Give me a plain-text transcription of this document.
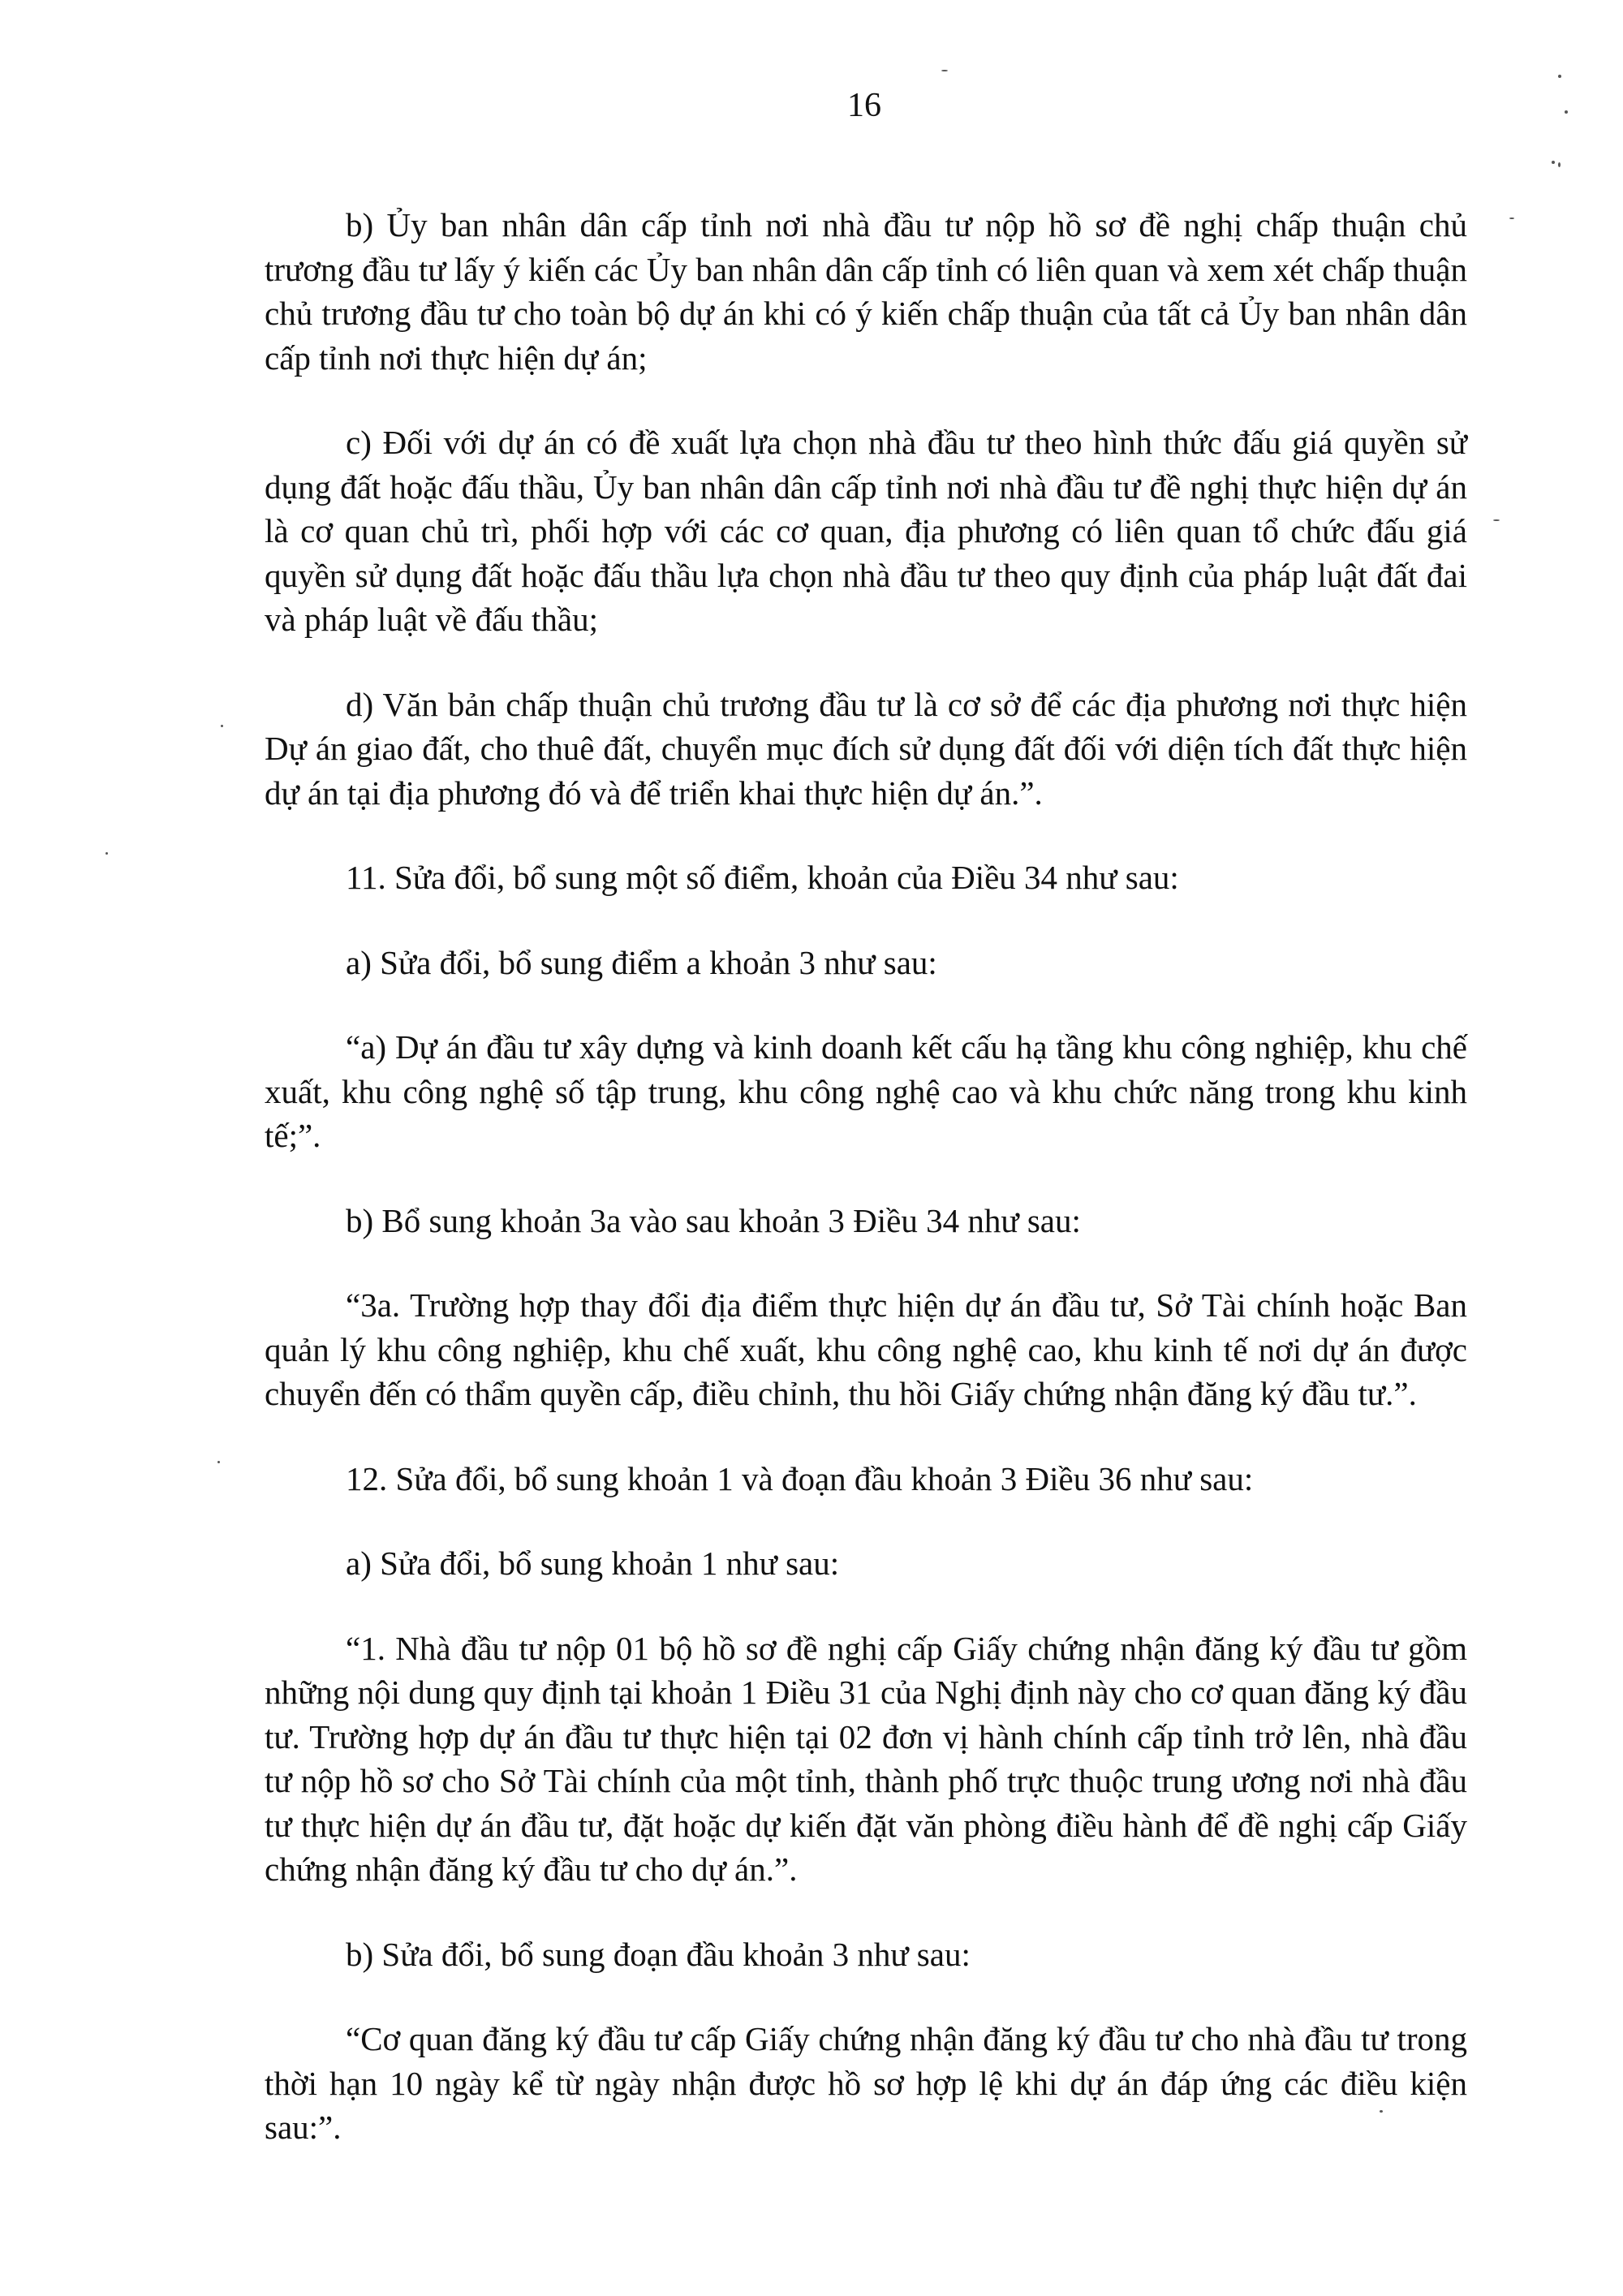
16

b) Ủy ban nhân dân cấp tỉnh nơi nhà đầu tư nộp hồ sơ đề nghị chấp thuận chủ trương đầu tư lấy ý kiến các Ủy ban nhân dân cấp tỉnh có liên quan và xem xét chấp thuận chủ trương đầu tư cho toàn bộ dự án khi có ý kiến chấp thuận của tất cả Ủy ban nhân dân cấp tỉnh nơi thực hiện dự án;

c) Đối với dự án có đề xuất lựa chọn nhà đầu tư theo hình thức đấu giá quyền sử dụng đất hoặc đấu thầu, Ủy ban nhân dân cấp tỉnh nơi nhà đầu tư đề nghị thực hiện dự án là cơ quan chủ trì, phối hợp với các cơ quan, địa phương có liên quan tổ chức đấu giá quyền sử dụng đất hoặc đấu thầu lựa chọn nhà đầu tư theo quy định của pháp luật đất đai và pháp luật về đấu thầu;

d) Văn bản chấp thuận chủ trương đầu tư là cơ sở để các địa phương nơi thực hiện Dự án giao đất, cho thuê đất, chuyển mục đích sử dụng đất đối với diện tích đất thực hiện dự án tại địa phương đó và để triển khai thực hiện dự án.”.

11. Sửa đổi, bổ sung một số điểm, khoản của Điều 34 như sau:

a) Sửa đổi, bổ sung điểm a khoản 3 như sau:

“a) Dự án đầu tư xây dựng và kinh doanh kết cấu hạ tầng khu công nghiệp, khu chế xuất, khu công nghệ số tập trung, khu công nghệ cao và khu chức năng trong khu kinh tế;”.

b) Bổ sung khoản 3a vào sau khoản 3 Điều 34 như sau:

“3a. Trường hợp thay đổi địa điểm thực hiện dự án đầu tư, Sở Tài chính hoặc Ban quản lý khu công nghiệp, khu chế xuất, khu công nghệ cao, khu kinh tế nơi dự án được chuyển đến có thẩm quyền cấp, điều chỉnh, thu hồi Giấy chứng nhận đăng ký đầu tư.”.

12. Sửa đổi, bổ sung khoản 1 và đoạn đầu khoản 3 Điều 36 như sau:

a) Sửa đổi, bổ sung khoản 1 như sau:

“1. Nhà đầu tư nộp 01 bộ hồ sơ đề nghị cấp Giấy chứng nhận đăng ký đầu tư gồm những nội dung quy định tại khoản 1 Điều 31 của Nghị định này cho cơ quan đăng ký đầu tư. Trường hợp dự án đầu tư thực hiện tại 02 đơn vị hành chính cấp tỉnh trở lên, nhà đầu tư nộp hồ sơ cho Sở Tài chính của một tỉnh, thành phố trực thuộc trung ương nơi nhà đầu tư thực hiện dự án đầu tư, đặt hoặc dự kiến đặt văn phòng điều hành để đề nghị cấp Giấy chứng nhận đăng ký đầu tư cho dự án.”.

b) Sửa đổi, bổ sung đoạn đầu khoản 3 như sau:

“Cơ quan đăng ký đầu tư cấp Giấy chứng nhận đăng ký đầu tư cho nhà đầu tư trong thời hạn 10 ngày kể từ ngày nhận được hồ sơ hợp lệ khi dự án đáp ứng các điều kiện sau:”.
